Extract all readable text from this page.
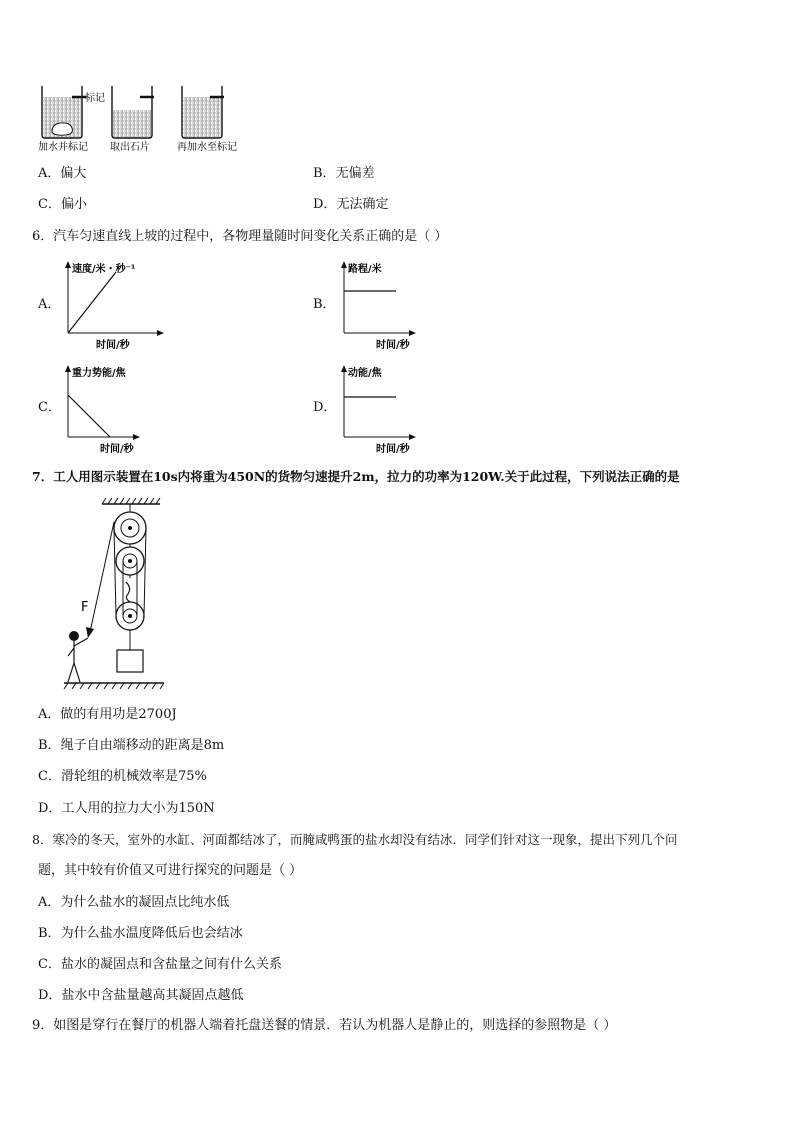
标记
加水并标记 取出石片	再加水至标记
A．偏大	B．无偏差
C．偏小	D．无法确定
6．汽车匀速直线上坡的过程中，各物理量随时间变化关系正确的是（ ）
A．
速度/米・秒⁻¹
时间/秒
B．
路程/米
时间/秒
C．
重力势能/焦
时间/秒
D．
动能/焦
时间/秒
7．工人用图示装置在10s内将重为450N的货物匀速提升2m，拉力的功率为120W.关于此过程，下列说法正确的是
F
A．做的有用功是2700J
B．绳子自由端移动的距离是8m
C．滑轮组的机械效率是75%
D．工人用的拉力大小为150N
8．寒冷的冬天，室外的水缸、河面都结冰了，而腌咸鸭蛋的盐水却没有结冰．同学们针对这一现象，提出下列几个问
题，其中较有价值又可进行探究的问题是（ ）
A．为什么盐水的凝固点比纯水低
B．为什么盐水温度降低后也会结冰
C．盐水的凝固点和含盐量之间有什么关系
D．盐水中含盐量越高其凝固点越低
9．如图是穿行在餐厅的机器人端着托盘送餐的情景．若认为机器人是静止的，则选择的参照物是（ ）
